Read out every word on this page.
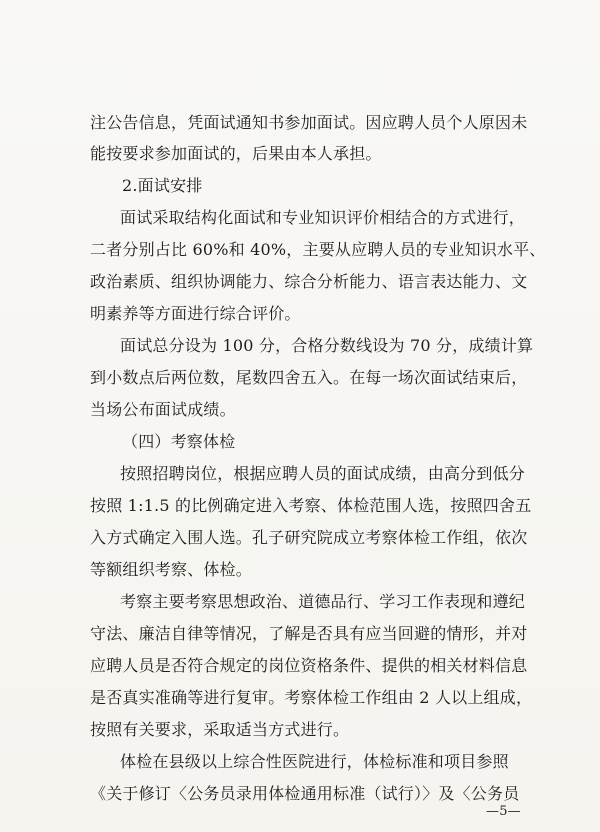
注公告信息，凭面试通知书参加面试。因应聘人员个人原因未
能按要求参加面试的，后果由本人承担。
2.面试安排
面试采取结构化面试和专业知识评价相结合的方式进行，
二者分别占比 60%和 40%，主要从应聘人员的专业知识水平、
政治素质、组织协调能力、综合分析能力、语言表达能力、文
明素养等方面进行综合评价。
面试总分设为 100 分，合格分数线设为 70 分，成绩计算
到小数点后两位数，尾数四舍五入。在每一场次面试结束后，
当场公布面试成绩。
（四）考察体检
按照招聘岗位，根据应聘人员的面试成绩，由高分到低分
按照 1:1.5 的比例确定进入考察、体检范围人选，按照四舍五
入方式确定入围人选。孔子研究院成立考察体检工作组，依次
等额组织考察、体检。
考察主要考察思想政治、道德品行、学习工作表现和遵纪
守法、廉洁自律等情况，了解是否具有应当回避的情形，并对
应聘人员是否符合规定的岗位资格条件、提供的相关材料信息
是否真实准确等进行复审。考察体检工作组由 2 人以上组成，
按照有关要求，采取适当方式进行。
体检在县级以上综合性医院进行，体检标准和项目参照
《关于修订〈公务员录用体检通用标准（试行）〉及〈公务员
—5—
